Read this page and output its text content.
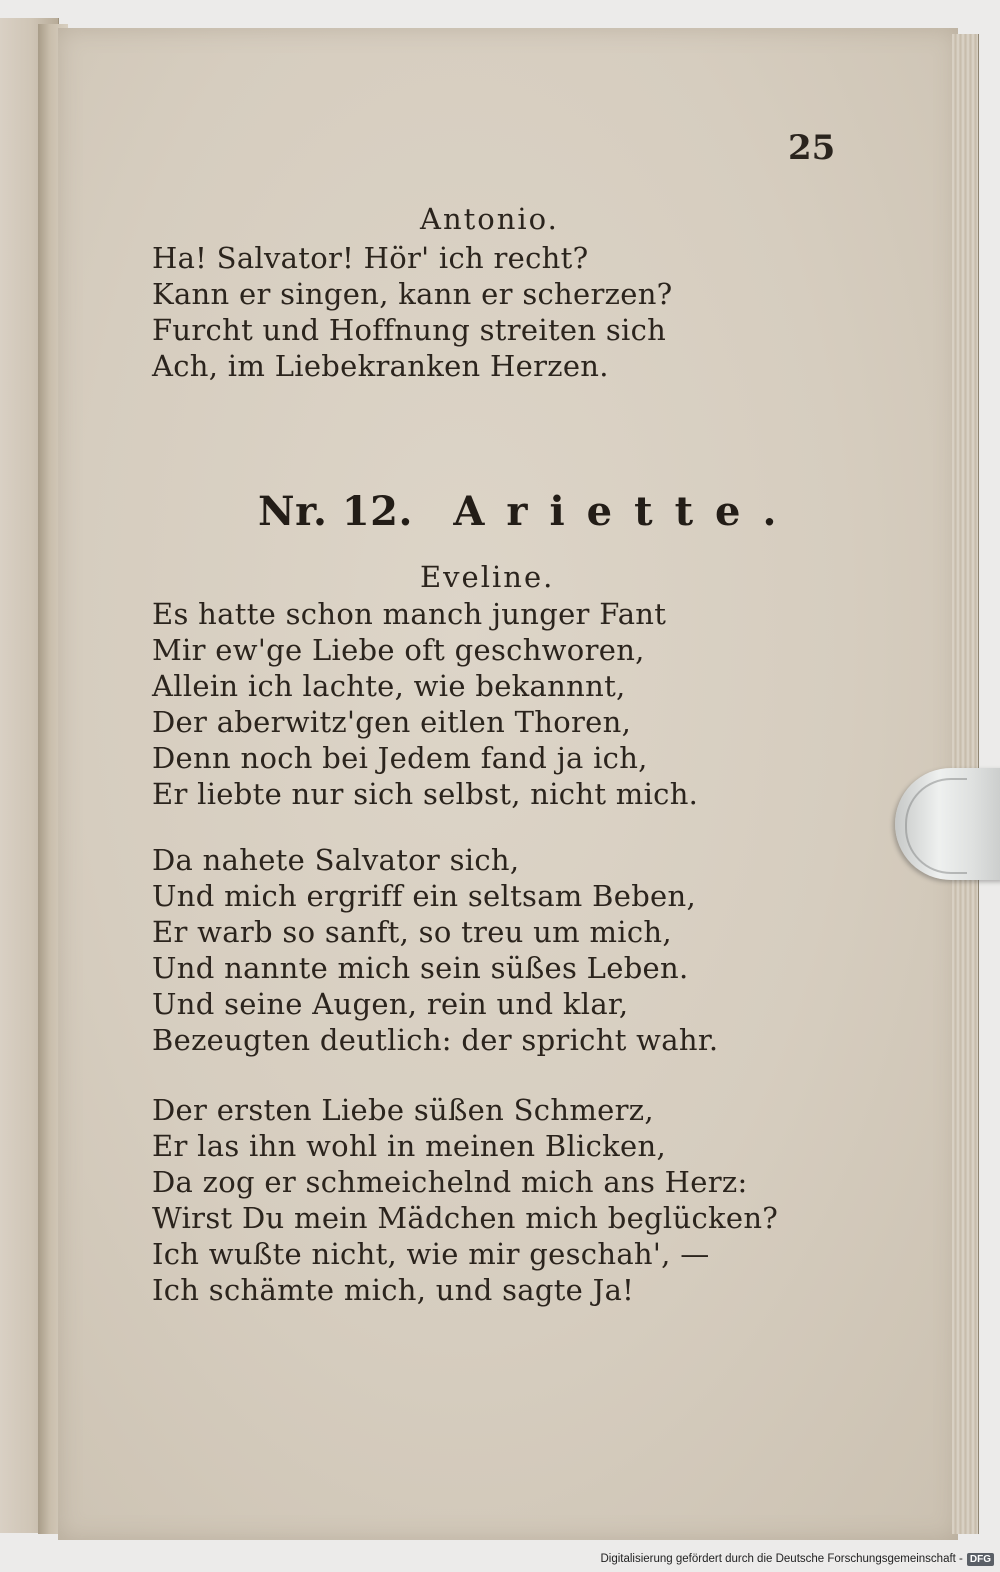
25
Antonio.
Ha! Salvator! Hör' ich recht?
Kann er singen, kann er scherzen?
Furcht und Hoffnung streiten sich
Ach, im Liebekranken Herzen.
Nr. 12. Ariette.
Eveline.
Es hatte schon manch junger Fant
Mir ew'ge Liebe oft geschworen,
Allein ich lachte, wie bekannnt,
Der aberwitz'gen eitlen Thoren,
Denn noch bei Jedem fand ja ich,
Er liebte nur sich selbst, nicht mich.
Da nahete Salvator sich,
Und mich ergriff ein seltsam Beben,
Er warb so sanft, so treu um mich,
Und nannte mich sein süßes Leben.
Und seine Augen, rein und klar,
Bezeugten deutlich: der spricht wahr.
Der ersten Liebe süßen Schmerz,
Er las ihn wohl in meinen Blicken,
Da zog er schmeichelnd mich ans Herz:
Wirst Du mein Mädchen mich beglücken?
Ich wußte nicht, wie mir geschah', —
Ich schämte mich, und sagte Ja!
Digitalisierung gefördert durch die Deutsche Forschungsgemeinschaft - DFG
